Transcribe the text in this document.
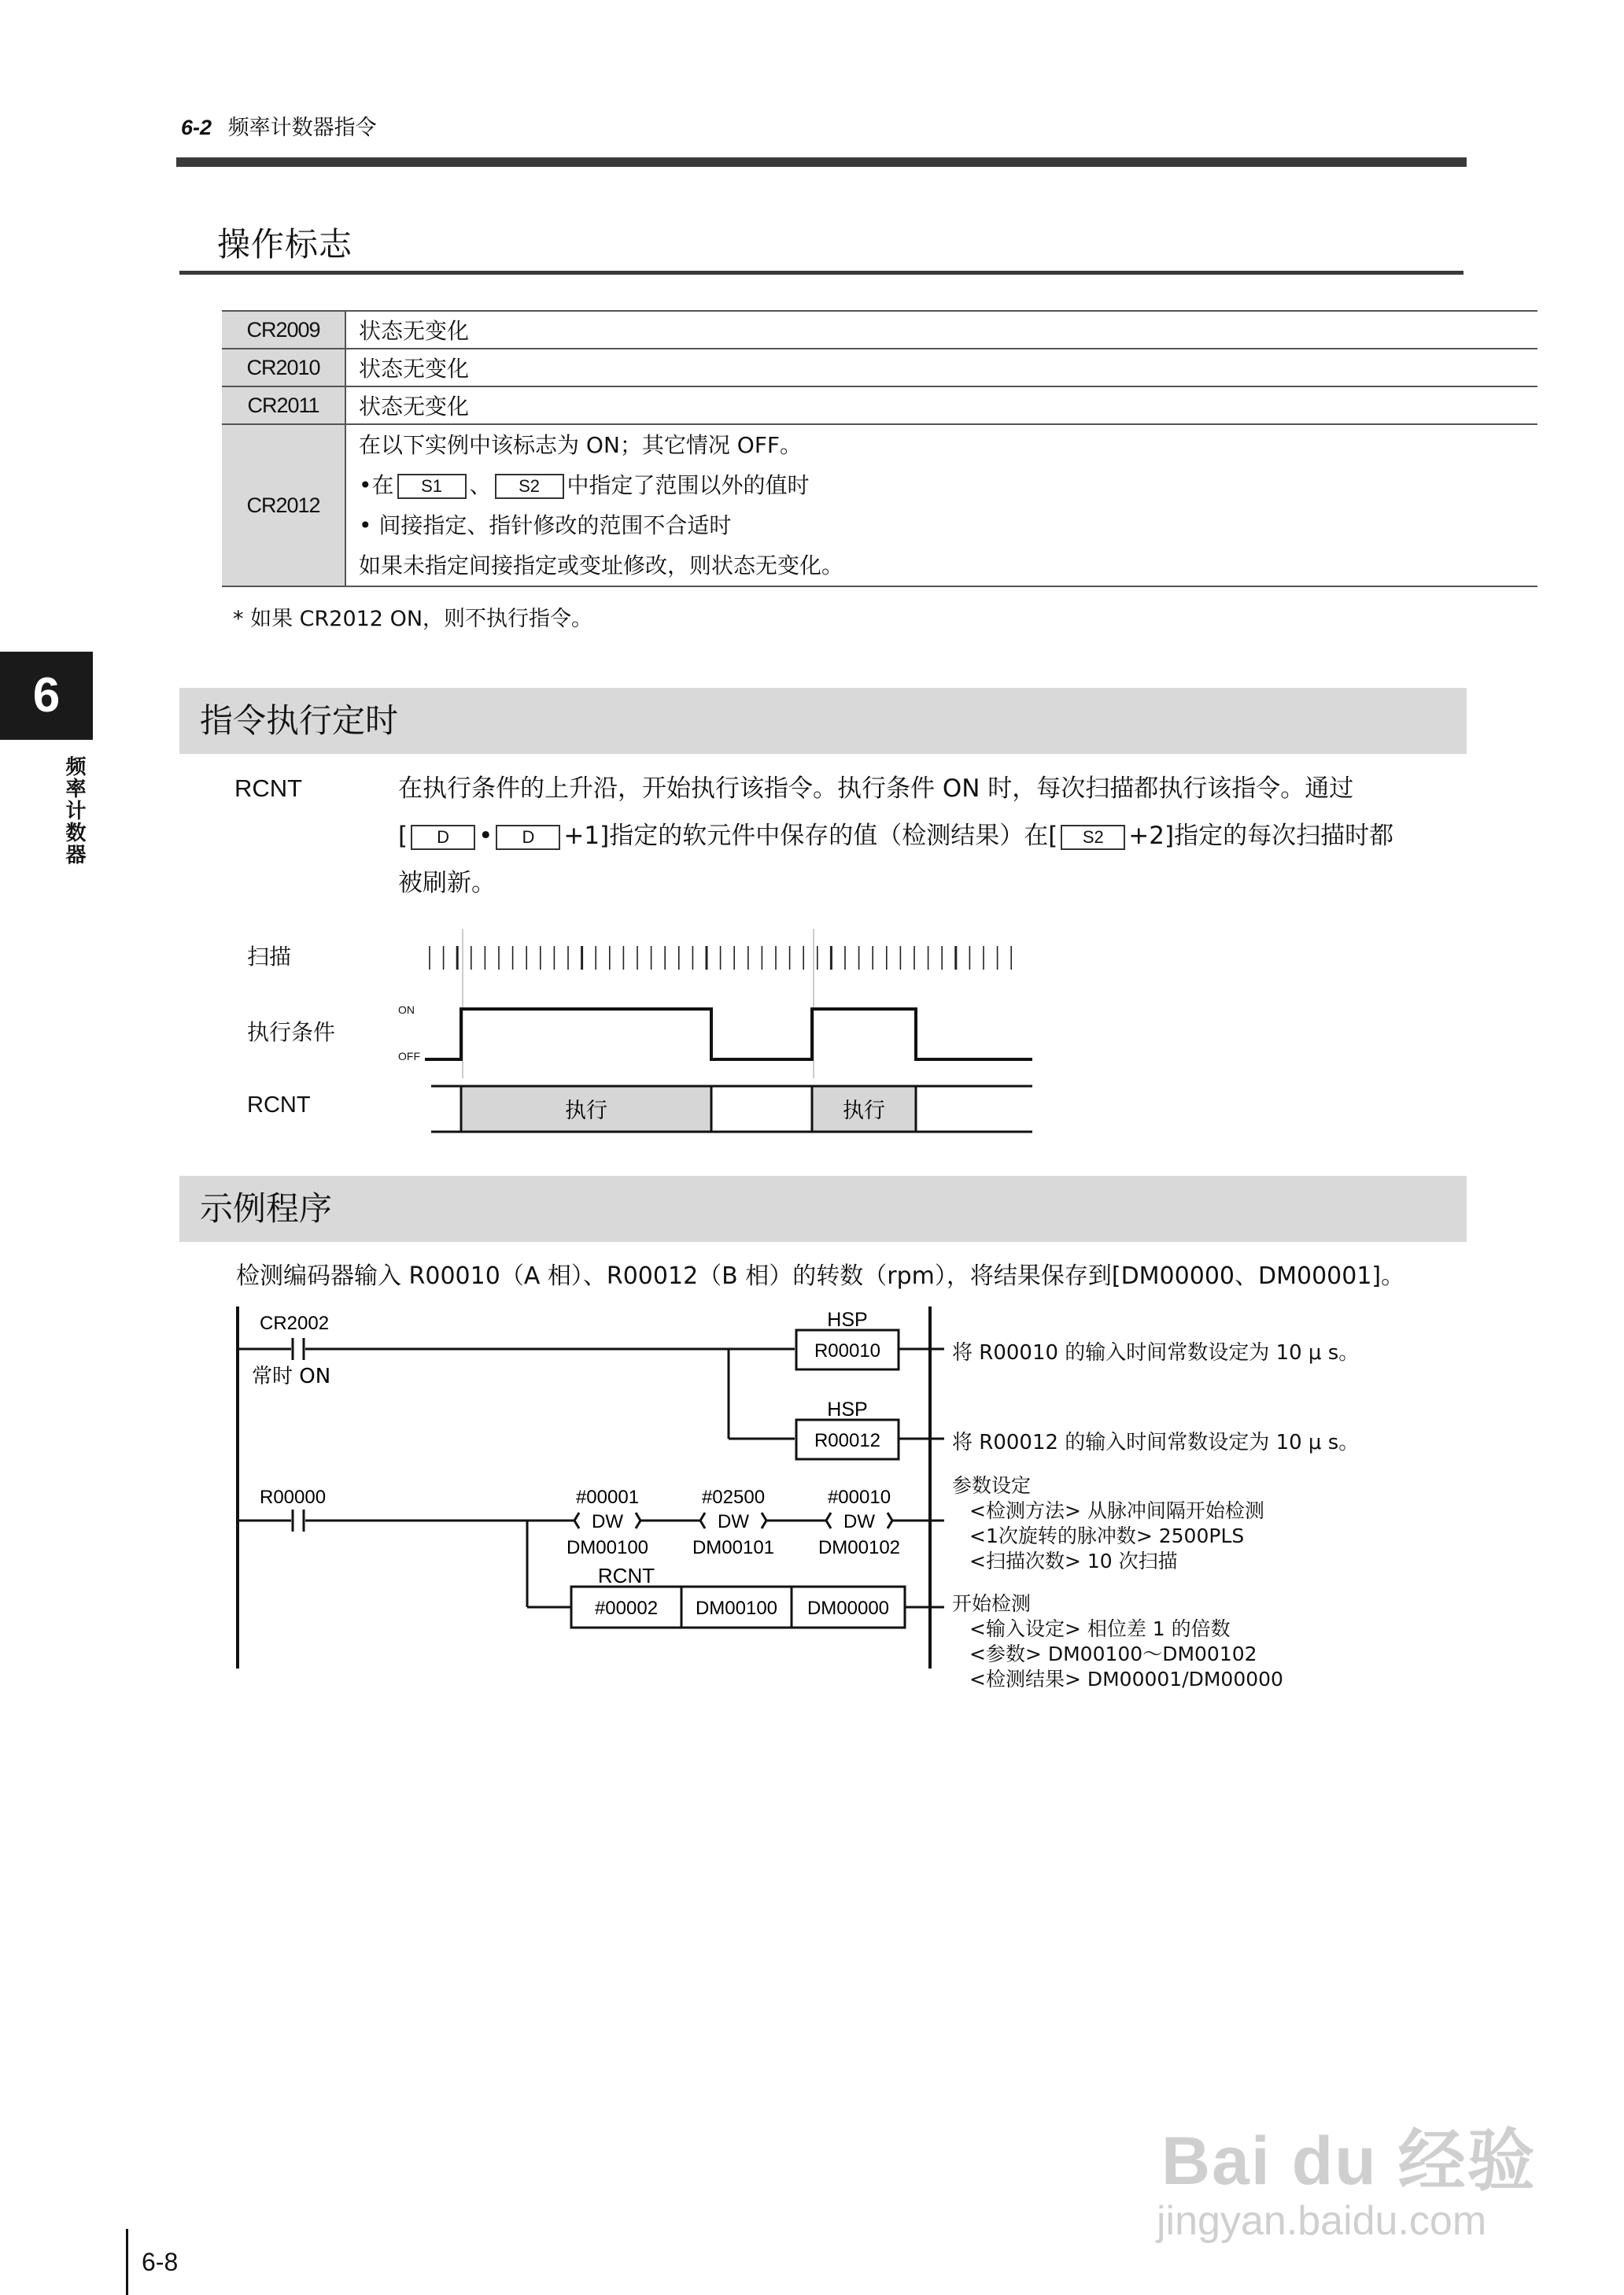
6-2 频率计数器指令
6
频率计数器
操作标志
CR2009	状态无变化
CR2010	状态无变化
CR2011	状态无变化
CR2012	在以下实例中该标志为 ON；其它情况 OFF。
•在 S1 、 S2 中指定了范围以外的值时
• 间接指定、指针修改的范围不合适时
如果未指定间接指定或变址修改，则状态无变化。
* 如果 CR2012 ON，则不执行指令。
指令执行定时
RCNT	在执行条件的上升沿，开始执行该指令。执行条件 ON 时，每次扫描都执行该指令。通过
[ D • D +1]指定的软元件中保存的值（检测结果）在[ S2 +2]指定的每次扫描时都
被刷新。
扫描
执行条件
RCNT
ON
OFF
执行	执行
示例程序
检测编码器输入 R00010（A 相）、R00012（B 相）的转数（rpm），将结果保存到[DM00000、DM00001]。
CR2002
常时 ON
HSP
R00010
HSP
R00012
R00000	#00001
DW
DM00100
#02500
DW
DM00101
#00010
DW
DM00102
RCNT
#00002 DM00100 DM00000
将 R00010 的输入时间常数设定为 10 μ s。
将 R00012 的输入时间常数设定为 10 μ s。
参数设定
<检测方法> 从脉冲间隔开始检测
<1次旋转的脉冲数> 2500PLS
<扫描次数> 10 次扫描
开始检测
<输入设定> 相位差 1 的倍数
<参数> DM00100～DM00102
<检测结果> DM00001/DM00000
6-8
Bai du 经验
jingyan.baidu.com
